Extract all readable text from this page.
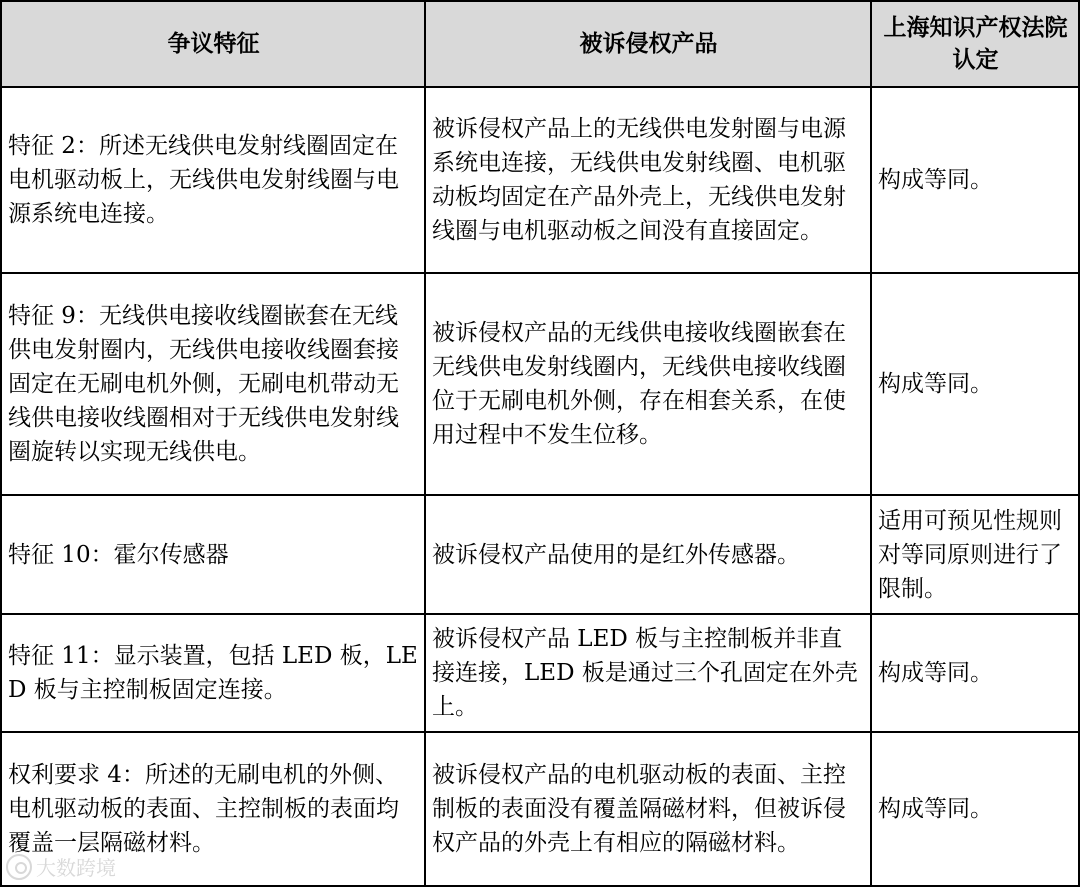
争议特征	被诉侵权产品	上海知识产权法院认定
特征 2：所述无线供电发射线圈固定在电机驱动板上，无线供电发射线圈与电源系统电连接。	被诉侵权产品上的无线供电发射圈与电源系统电连接，无线供电发射线圈、电机驱动板均固定在产品外壳上，无线供电发射线圈与电机驱动板之间没有直接固定。	构成等同。
特征 9：无线供电接收线圈嵌套在无线供电发射圈内，无线供电接收线圈套接固定在无刷电机外侧，无刷电机带动无线供电接收线圈相对于无线供电发射线圈旋转以实现无线供电。	被诉侵权产品的无线供电接收线圈嵌套在无线供电发射线圈内，无线供电接收线圈位于无刷电机外侧，存在相套关系，在使用过程中不发生位移。	构成等同。
特征 10：霍尔传感器	被诉侵权产品使用的是红外传感器。	适用可预见性规则对等同原则进行了限制。
特征 11：显示装置，包括 LED 板，LED 板与主控制板固定连接。	被诉侵权产品 LED 板与主控制板并非直接连接，LED 板是通过三个孔固定在外壳上。	构成等同。
权利要求 4：所述的无刷电机的外侧、电机驱动板的表面、主控制板的表面均覆盖一层隔磁材料。	被诉侵权产品的电机驱动板的表面、主控制板的表面没有覆盖隔磁材料，但被诉侵权产品的外壳上有相应的隔磁材料。	构成等同。
大数跨境
